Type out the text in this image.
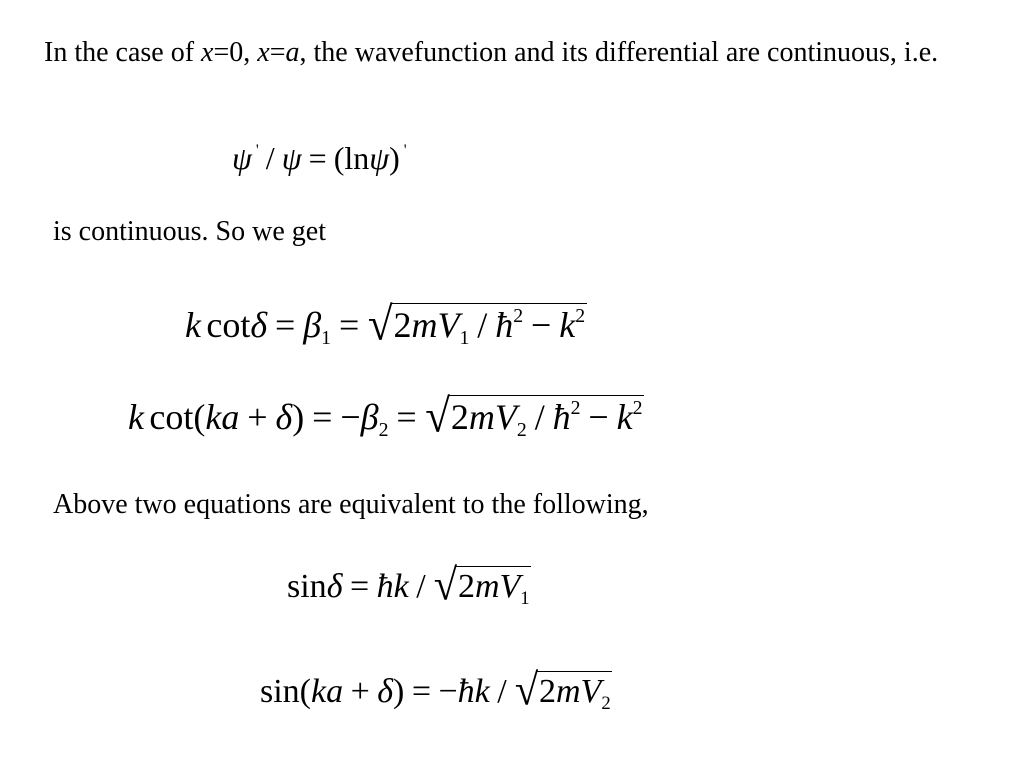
In the case of x=0, x=a, the wavefunction and its differential are continuous, i.e.

ψ ' / ψ = (lnψ) '

is continuous. So we get

k $\cot\delta = \beta 1 = √2mV1 / ħ^2 - k^2$
k $\cot(ka + \delta) = -\beta 2 = √2mV2 / ħ^2 - k^2$

Above two equations are equivalent to the following,

sinδ = ħk / √2mV1
sin(ka + δ) = −ħk / √2mV2
